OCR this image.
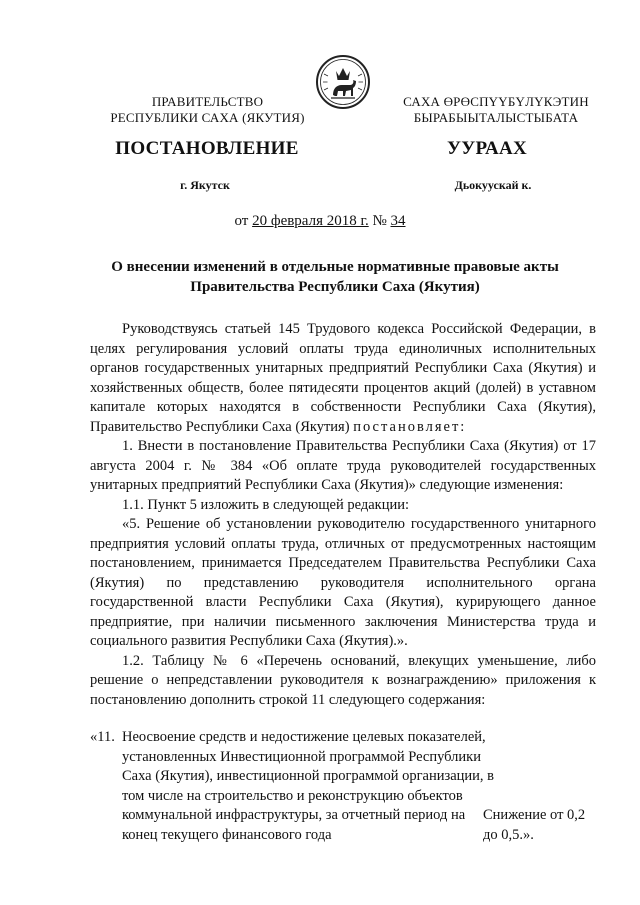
ПРАВИТЕЛЬСТВО
РЕСПУБЛИКИ САХА (ЯКУТИЯ)
САХА ӨРӨСПҮҮБҮЛҮКЭТИН
БЫРАБЫЫТАЛЫСТЫБАТА
ПОСТАНОВЛЕНИЕ	УУРААХ
г. Якутск	Дьокуускай к.
от 20 февраля 2018 г. № 34
О внесении изменений в отдельные нормативные правовые акты
Правительства Республики Саха (Якутия)

Руководствуясь статьей 145 Трудового кодекса Российской Федерации, в целях регулирования условий оплаты труда единоличных исполнительных органов государственных унитарных предприятий Республики Саха (Якутия) и хозяйственных обществ, более пятидесяти процентов акций (долей) в уставном капитале которых находятся в собственности Республики Саха (Якутия), Правительство Республики Саха (Якутия) постановляет:

1. Внести в постановление Правительства Республики Саха (Якутия) от 17 августа 2004 г. № 384 «Об оплате труда руководителей государственных унитарных предприятий Республики Саха (Якутия)» следующие изменения:

1.1. Пункт 5 изложить в следующей редакции:

«5. Решение об установлении руководителю государственного унитарного предприятия условий оплаты труда, отличных от предусмотренных настоящим постановлением, принимается Председателем Правительства Республики Саха (Якутия) по представлению руководителя исполнительного органа государственной власти Республики Саха (Якутия), курирующего данное предприятие, при наличии письменного заключения Министерства труда и социального развития Республики Саха (Якутия).».

1.2. Таблицу № 6 «Перечень оснований, влекущих уменьшение, либо решение о непредставлении руководителя к вознаграждению» приложения к постановлению дополнить строкой 11 следующего содержания:

«11. Неосвоение средств и недостижение целевых показателей, установленных Инвестиционной программой Республики Саха (Якутия), инвестиционной программой организации, в том числе на строительство и реконструкцию объектов коммунальной инфраструктуры, за отчетный период на конец текущего финансового года
Снижение от 0,2 до 0,5.».
